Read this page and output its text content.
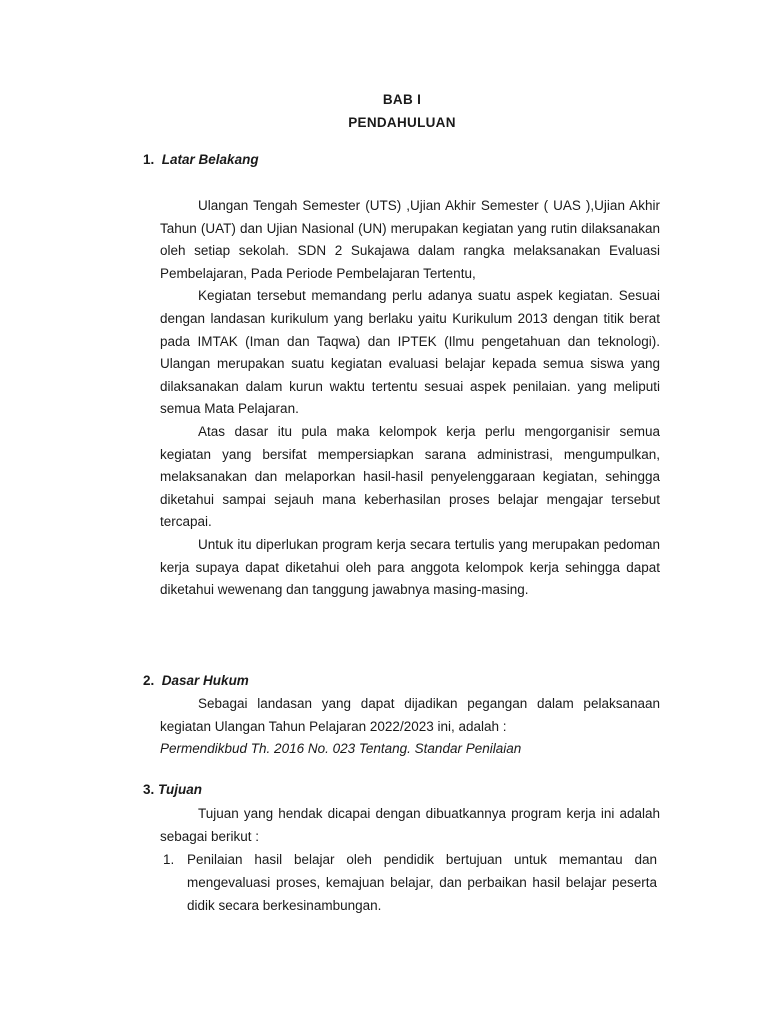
BAB I
PENDAHULUAN
1. Latar Belakang

Ulangan Tengah Semester (UTS) ,Ujian Akhir Semester ( UAS ),Ujian Akhir Tahun (UAT) dan Ujian Nasional (UN) merupakan kegiatan yang rutin dilaksanakan oleh setiap sekolah. SDN 2 Sukajawa dalam rangka melaksanakan Evaluasi Pembelajaran, Pada Periode Pembelajaran Tertentu,

Kegiatan tersebut memandang perlu adanya suatu aspek kegiatan. Sesuai dengan landasan kurikulum yang berlaku yaitu Kurikulum 2013 dengan titik berat pada IMTAK (Iman dan Taqwa) dan IPTEK (Ilmu pengetahuan dan teknologi). Ulangan merupakan suatu kegiatan evaluasi belajar kepada semua siswa yang dilaksanakan dalam kurun waktu tertentu sesuai aspek penilaian. yang meliputi semua Mata Pelajaran.

Atas dasar itu pula maka kelompok kerja perlu mengorganisir semua kegiatan yang bersifat mempersiapkan sarana administrasi, mengumpulkan, melaksanakan dan melaporkan hasil-hasil penyelenggaraan kegiatan, sehingga diketahui sampai sejauh mana keberhasilan proses belajar mengajar tersebut tercapai.

Untuk itu diperlukan program kerja secara tertulis yang merupakan pedoman kerja supaya dapat diketahui oleh para anggota kelompok kerja sehingga dapat diketahui wewenang dan tanggung jawabnya masing-masing.

2. Dasar Hukum

Sebagai landasan yang dapat dijadikan pegangan dalam pelaksanaan kegiatan Ulangan Tahun Pelajaran 2022/2023 ini, adalah :

Permendikbud Th. 2016 No. 023 Tentang. Standar Penilaian

3. Tujuan

Tujuan yang hendak dicapai dengan dibuatkannya program kerja ini adalah sebagai berikut :

1. Penilaian hasil belajar oleh pendidik bertujuan untuk memantau dan mengevaluasi proses, kemajuan belajar, dan perbaikan hasil belajar peserta didik secara berkesinambungan.
